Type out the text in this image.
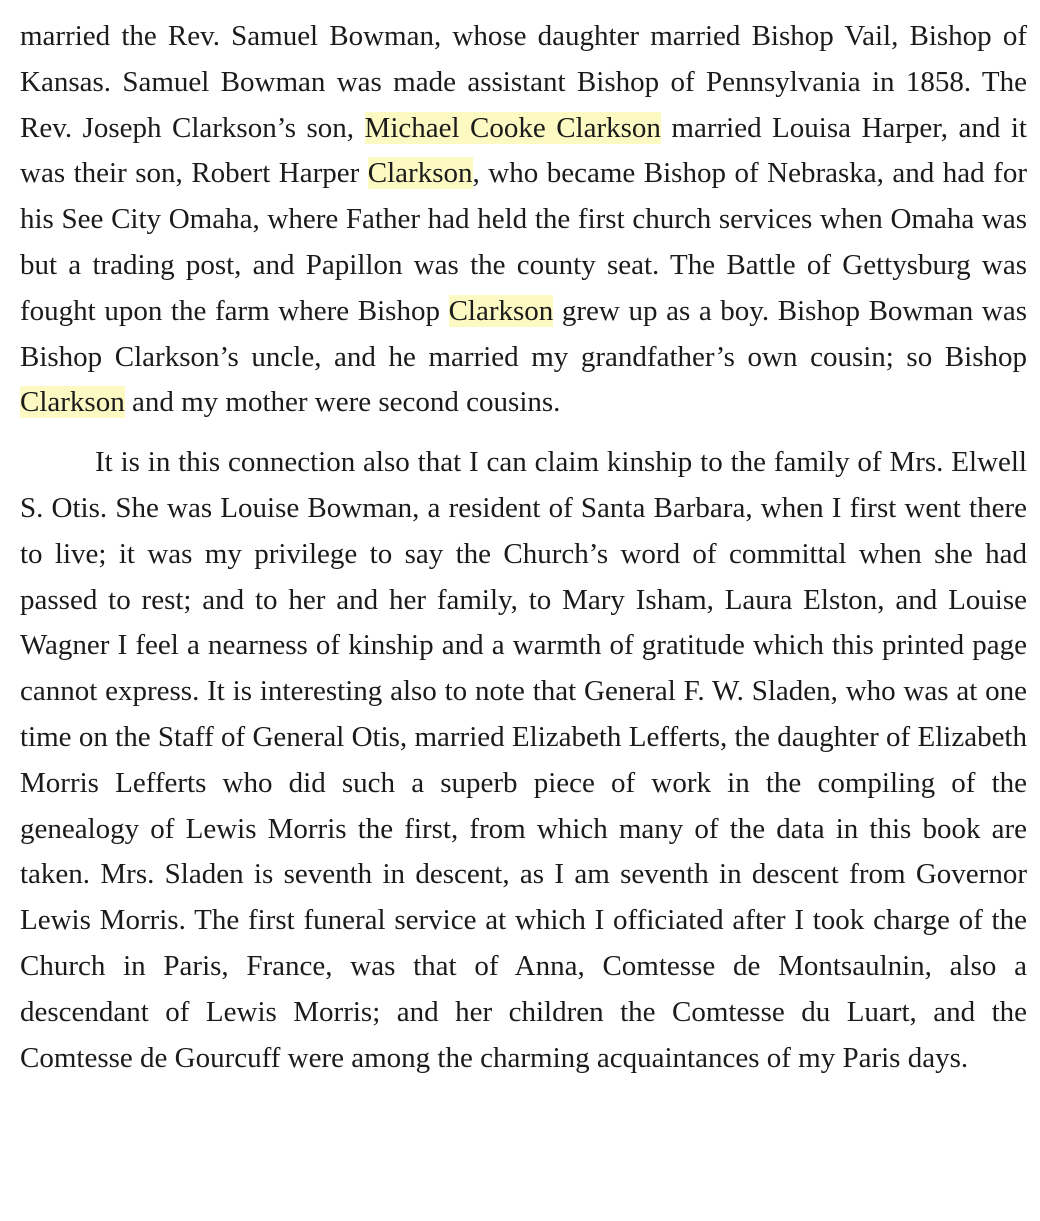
married the Rev. Samuel Bowman, whose daughter married Bishop Vail, Bishop of Kansas. Samuel Bowman was made assistant Bishop of Pennsylvania in 1858. The Rev. Joseph Clarkson’s son, Michael Cooke Clarkson married Louisa Harper, and it was their son, Robert Harper Clarkson, who became Bishop of Nebraska, and had for his See City Omaha, where Father had held the first church services when Omaha was but a trading post, and Papillon was the county seat. The Battle of Gettysburg was fought upon the farm where Bishop Clarkson grew up as a boy. Bishop Bowman was Bishop Clarkson’s uncle, and he married my grandfather’s own cousin; so Bishop Clarkson and my mother were second cousins.

It is in this connection also that I can claim kinship to the family of Mrs. Elwell S. Otis. She was Louise Bowman, a resident of Santa Barbara, when I first went there to live; it was my privilege to say the Church’s word of committal when she had passed to rest; and to her and her family, to Mary Isham, Laura Elston, and Louise Wagner I feel a nearness of kinship and a warmth of gratitude which this printed page cannot express. It is interesting also to note that General F. W. Sladen, who was at one time on the Staff of General Otis, married Elizabeth Lefferts, the daughter of Elizabeth Morris Lefferts who did such a superb piece of work in the compiling of the genealogy of Lewis Morris the first, from which many of the data in this book are taken. Mrs. Sladen is seventh in descent, as I am seventh in descent from Governor Lewis Morris. The first funeral service at which I officiated after I took charge of the Church in Paris, France, was that of Anna, Comtesse de Montsaulnin, also a descendant of Lewis Morris; and her children the Comtesse du Luart, and the Comtesse de Gourcuff were among the charming acquaintances of my Paris days.
